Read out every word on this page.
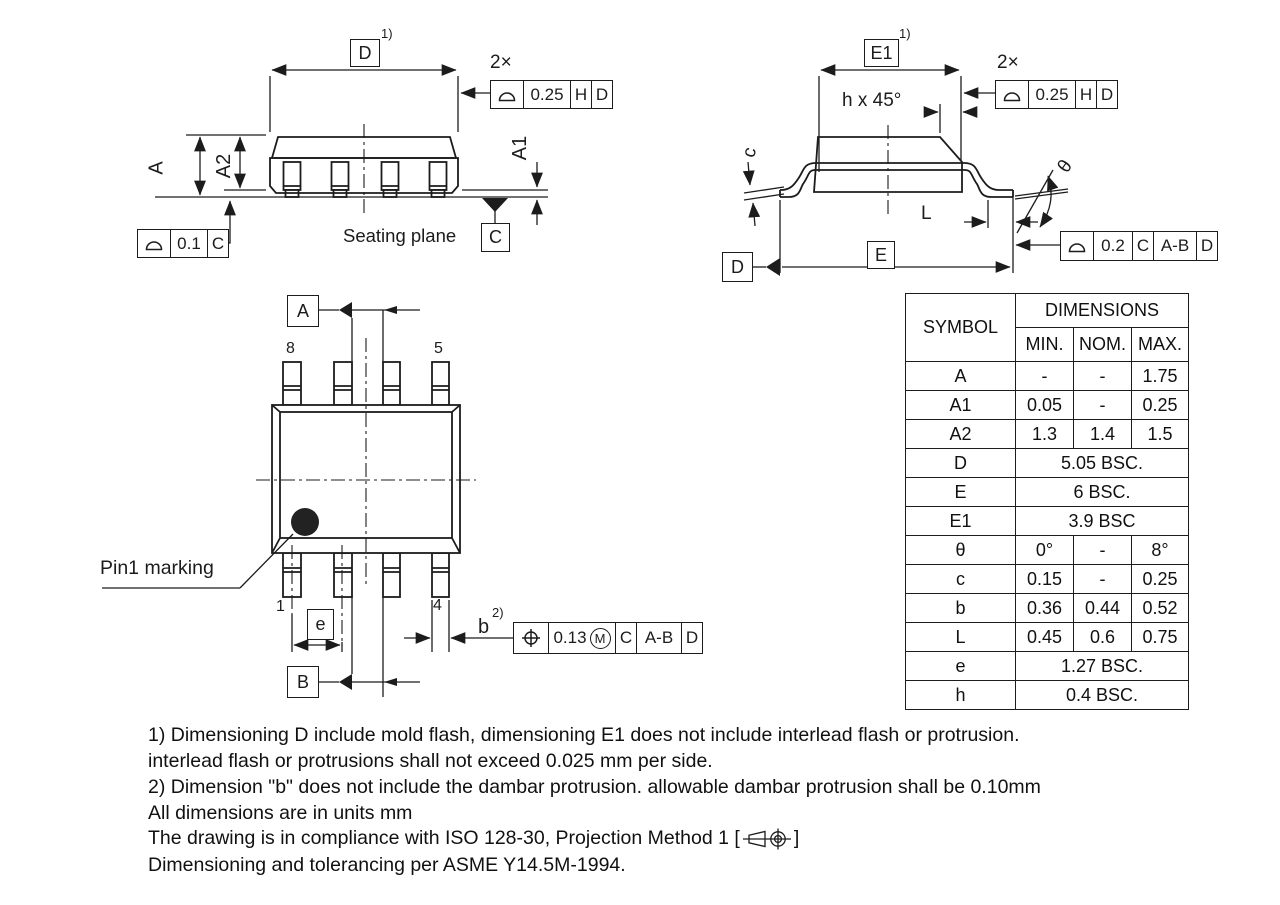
D
1)
2×
0.25 H D
A A2
A1
Seating plane C
0.1 C
E1
1)
h x 45°
2×
0.25 H D
c
θ
L
E
D
0.2 C A-B D
A
B
8	5
1	4
e	b
2)
0.13 M C A-B D
Pin1 marking
SYMBOL	DIMENSIONS		
	MIN.	NOM.	MAX.
A	-	-	1.75
A1	0.05	-	0.25
A2	1.3	1.4	1.5
D	5.05 BSC.		
E	6 BSC.		
E1	3.9 BSC		
θ	0°	-	8°
c	0.15	-	0.25
b	0.36	0.44	0.52
L	0.45	0.6	0.75
e	1.27 BSC.		
h	0.4 BSC.		
1) Dimensioning D include mold flash, dimensioning E1 does not include interlead flash or protrusion.
interlead flash or protrusions shall not exceed 0.025 mm per side.
2) Dimension "b" does not include the dambar protrusion. allowable dambar protrusion shall be 0.10mm
All dimensions are in units mm
The drawing is in compliance with ISO 128-30, Projection Method 1 [	]
Dimensioning and tolerancing per ASME Y14.5M-1994.
